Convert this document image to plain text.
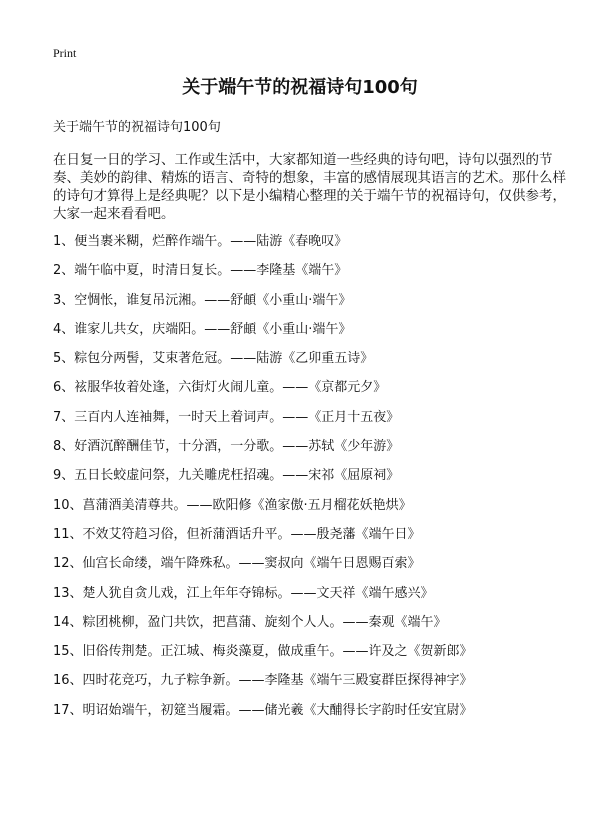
Print
关于端午节的祝福诗句100句
关于端午节的祝福诗句100句

在日复一日的学习、工作或生活中，大家都知道一些经典的诗句吧，诗句以强烈的节奏、美妙的韵律、精炼的语言、奇特的想象，丰富的感情展现其语言的艺术。那什么样的诗句才算得上是经典呢？以下是小编精心整理的关于端午节的祝福诗句，仅供参考，大家一起来看看吧。

1、便当裹米糊，烂醉作端午。——陆游《春晚叹》
2、端午临中夏，时清日复长。——李隆基《端午》
3、空惆怅，谁复吊沅湘。——舒頔《小重山·端午》
4、谁家儿共女，庆端阳。——舒頔《小重山·端午》
5、粽包分两髻，艾束著危冠。——陆游《乙卯重五诗》
6、袨服华妆着处逢，六街灯火闹儿童。——《京都元夕》
7、三百内人连袖舞，一时天上着词声。——《正月十五夜》
8、好酒沉醉酬佳节，十分酒，一分歌。——苏轼《少年游》
9、五日长蛟虚问祭，九关雕虎枉招魂。——宋祁《屈原祠》
10、菖蒲酒美清尊共。——欧阳修《渔家傲·五月榴花妖艳烘》
11、不效艾符趋习俗，但祈蒲酒话升平。——殷尧藩《端午日》
12、仙宫长命缕，端午降殊私。——窦叔向《端午日恩赐百索》
13、楚人犹自贪儿戏，江上年年夺锦标。——文天祥《端午感兴》
14、粽团桃柳，盈门共饮，把菖蒲、旋刻个人人。——秦观《端午》
15、旧俗传荆楚。正江城、梅炎藻夏，做成重午。——许及之《贺新郎》
16、四时花竞巧，九子粽争新。——李隆基《端午三殿宴群臣探得神字》
17、明诏始端午，初筵当履霜。——储光羲《大酺得长字韵时任安宜尉》
